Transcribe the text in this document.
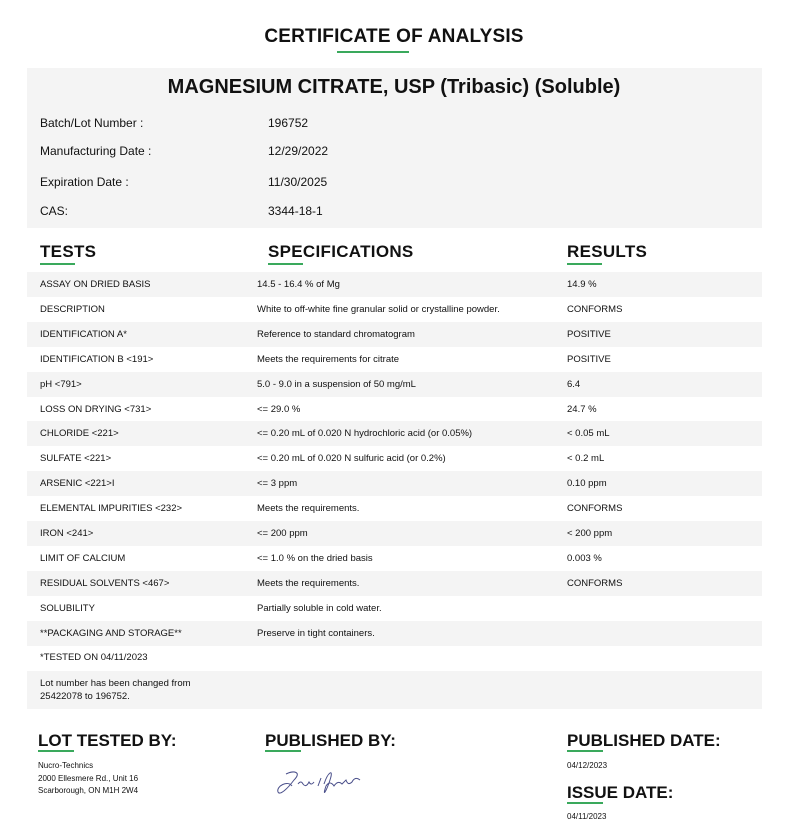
CERTIFICATE OF ANALYSIS
MAGNESIUM CITRATE, USP (Tribasic) (Soluble)
Batch/Lot Number :	196752
Manufacturing Date :	12/29/2022
Expiration Date :	11/30/2025
CAS:	3344-18-1
TESTS	SPECIFICATIONS	RESULTS
ASSAY ON DRIED BASIS	14.5 - 16.4 % of Mg	14.9 %
DESCRIPTION	White to off-white fine granular solid or crystalline powder.	CONFORMS
IDENTIFICATION A*	Reference to standard chromatogram	POSITIVE
IDENTIFICATION B <191>	Meets the requirements for citrate	POSITIVE
pH <791>	5.0 - 9.0 in a suspension of 50 mg/mL	6.4
LOSS ON DRYING <731>	<= 29.0 %	24.7 %
CHLORIDE <221>	<= 0.20 mL of 0.020 N hydrochloric acid (or 0.05%)	< 0.05 mL
SULFATE <221>	<= 0.20 mL of 0.020 N sulfuric acid (or 0.2%)	< 0.2 mL
ARSENIC <221>I	<= 3 ppm	0.10 ppm
ELEMENTAL IMPURITIES <232>	Meets the requirements.	CONFORMS
IRON <241>	<= 200 ppm	< 200 ppm
LIMIT OF CALCIUM	<= 1.0 % on the dried basis	0.003 %
RESIDUAL SOLVENTS <467>	Meets the requirements.	CONFORMS
SOLUBILITY	Partially soluble in cold water.
**PACKAGING AND STORAGE**	Preserve in tight containers.
*TESTED ON 04/11/2023
Lot number has been changed from
25422078 to 196752.
LOT TESTED BY:
Nucro-Technics
2000 Ellesmere Rd., Unit 16
Scarborough, ON M1H 2W4
PUBLISHED BY:	PUBLISHED DATE:
04/12/2023
ISSUE DATE:
04/11/2023
